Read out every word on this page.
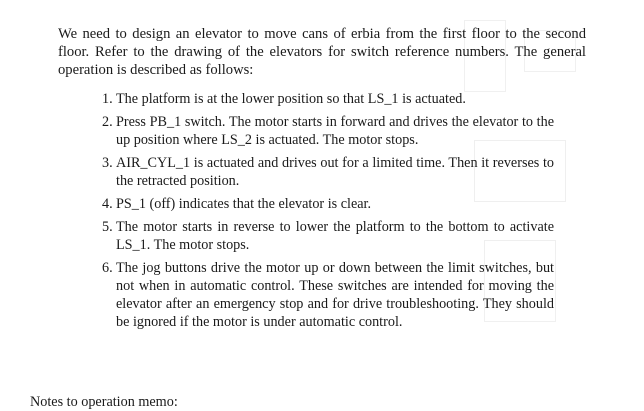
We need to design an elevator to move cans of erbia from the first floor to the second floor. Refer to the drawing of the elevators for switch reference numbers. The general operation is described as follows:

1. The platform is at the lower position so that LS_1 is actuated.
2. Press PB_1 switch. The motor starts in forward and drives the elevator to the up position where LS_2 is actuated. The motor stops.
3. AIR_CYL_1 is actuated and drives out for a limited time. Then it reverses to the retracted position.
4. PS_1 (off) indicates that the elevator is clear.
5. The motor starts in reverse to lower the platform to the bottom to activate LS_1. The motor stops.
6. The jog buttons drive the motor up or down between the limit switches, but not when in automatic control. These switches are intended for moving the elevator after an emergency stop and for drive troubleshooting. They should be ignored if the motor is under automatic control.

Notes to operation memo:
